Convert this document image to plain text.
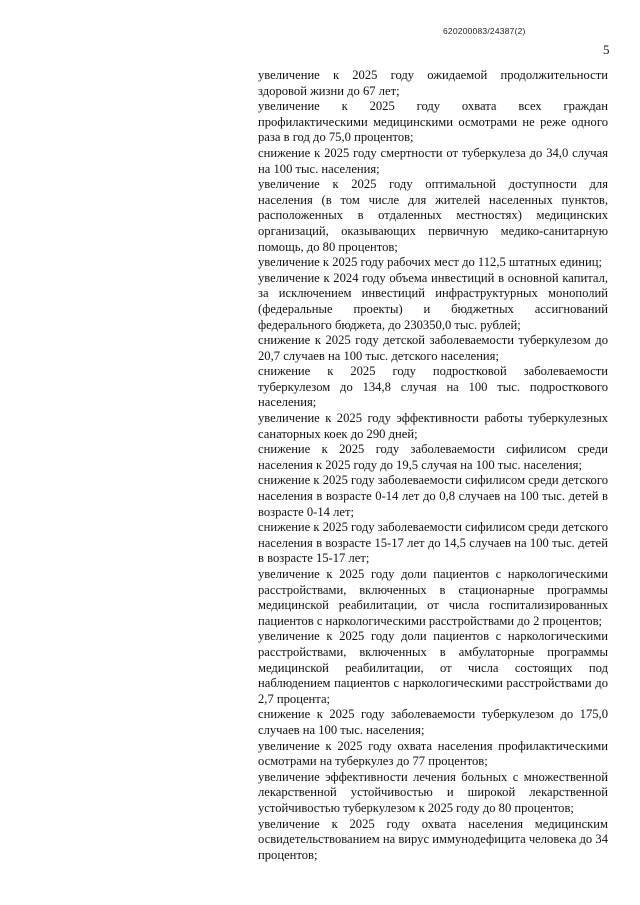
620200083/24387(2)
5

увеличение к 2025 году ожидаемой продолжительности здоровой жизни до 67 лет;

увеличение к 2025 году охвата всех граждан профилактическими медицинскими осмотрами не реже одного раза в год до 75,0 процентов;

снижение к 2025 году смертности от туберкулеза до 34,0 случая на 100 тыс. населения;

увеличение к 2025 году оптимальной доступности для населения (в том числе для жителей населенных пунктов, расположенных в отдаленных местностях) медицинских организаций, оказывающих первичную медико-санитарную помощь, до 80 процентов;

увеличение к 2025 году рабочих мест до 112,5 штатных единиц;

увеличение к 2024 году объема инвестиций в основной капитал, за исключением инвестиций инфраструктурных монополий (федеральные проекты) и бюджетных ассигнований федерального бюджета, до 230350,0 тыс. рублей;

снижение к 2025 году детской заболеваемости туберкулезом до 20,7 случаев на 100 тыс. детского населения;

снижение к 2025 году подростковой заболеваемости туберкулезом до 134,8 случая на 100 тыс. подросткового населения;

увеличение к 2025 году эффективности работы туберкулезных санаторных коек до 290 дней;

снижение к 2025 году заболеваемости сифилисом среди населения к 2025 году до 19,5 случая на 100 тыс. населения;

снижение к 2025 году заболеваемости сифилисом среди детского населения в возрасте 0-14 лет до 0,8 случаев на 100 тыс. детей в возрасте 0-14 лет;

снижение к 2025 году заболеваемости сифилисом среди детского населения в возрасте 15-17 лет до 14,5 случаев на 100 тыс. детей в возрасте 15-17 лет;

увеличение к 2025 году доли пациентов с наркологическими расстройствами, включенных в стационарные программы медицинской реабилитации, от числа госпитализированных пациентов с наркологическими расстройствами до 2 процентов;

увеличение к 2025 году доли пациентов с наркологическими расстройствами, включенных в амбулаторные программы медицинской реабилитации, от числа состоящих под наблюдением пациентов с наркологическими расстройствами до 2,7 процента;

снижение к 2025 году заболеваемости туберкулезом до 175,0 случаев на 100 тыс. населения;

увеличение к 2025 году охвата населения профилактическими осмотрами на туберкулез до 77 процентов;

увеличение эффективности лечения больных с множественной лекарственной устойчивостью и широкой лекарственной устойчивостью туберкулезом к 2025 году до 80 процентов;

увеличение к 2025 году охвата населения медицинским освидетельствованием на вирус иммунодефицита человека до 34 процентов;
